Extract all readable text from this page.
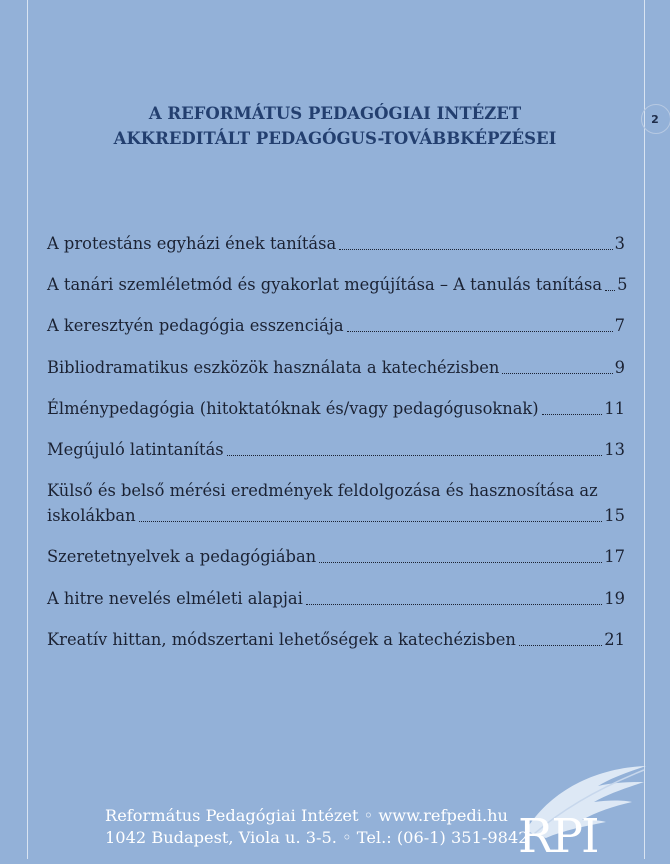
2
A REFORMÁTUS PEDAGÓGIAI INTÉZET
AKKREDITÁLT PEDAGÓGUS-TOVÁBBKÉPZÉSEI
A protestáns egyházi ének tanítása	3
A tanári szemléletmód és gyakorlat megújítása – A tanulás tanítása 5
A keresztyén pedagógia esszenciája	7
Bibliodramatikus eszközök használata a katechézisben	9
Élménypedagógia (hitoktatóknak és/vagy pedagógusoknak)	11
Megújuló latintanítás	13
Külső és belső mérési eredmények feldolgozása és hasznosítása az
iskolákban	15
Szeretetnyelvek a pedagógiában	17
A hitre nevelés elméleti alapjai	19
Kreatív hittan, módszertani lehetőségek a katechézisben	21
Református Pedagógiai Intézet ◦ www.refpedi.hu
1042 Budapest, Viola u. 3-5. ◦ Tel.: (06-1) 351-9842
RPI
